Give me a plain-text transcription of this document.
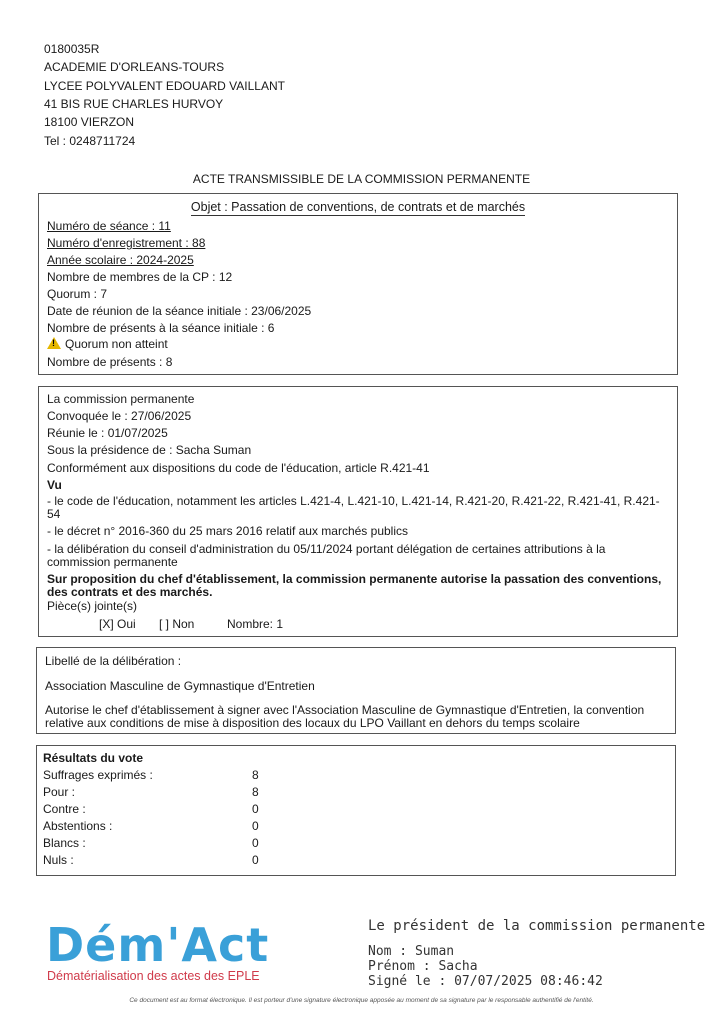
0180035R
ACADEMIE D'ORLEANS-TOURS
LYCEE POLYVALENT EDOUARD VAILLANT
41 BIS RUE CHARLES HURVOY
18100 VIERZON
Tel : 0248711724
ACTE TRANSMISSIBLE DE LA COMMISSION PERMANENTE
Objet : Passation de conventions, de contrats et de marchés
Numéro de séance : 11
Numéro d'enregistrement : 88
Année scolaire : 2024-2025
Nombre de membres de la CP : 12
Quorum : 7
Date de réunion de la séance initiale : 23/06/2025
Nombre de présents à la séance initiale : 6
!Quorum non atteint
Nombre de présents : 8
La commission permanente
Convoquée le : 27/06/2025
Réunie le : 01/07/2025
Sous la présidence de : Sacha Suman
Conformément aux dispositions du code de l'éducation, article R.421-41
Vu
- le code de l'éducation, notamment les articles L.421-4, L.421-10, L.421-14, R.421-20, R.421-22, R.421-41, R.421-54
- le décret n° 2016-360 du 25 mars 2016 relatif aux marchés publics
- la délibération du conseil d'administration du 05/11/2024 portant délégation de certaines attributions à la commission permanente
Sur proposition du chef d'établissement, la commission permanente autorise la passation des conventions, des contrats et des marchés.
Pièce(s) jointe(s)
[X] Oui [ ] Non	Nombre: 1
Libellé de la délibération :
Association Masculine de Gymnastique d'Entretien
Autorise le chef d'établissement à signer avec l'Association Masculine de Gymnastique d'Entretien, la convention relative aux conditions de mise à disposition des locaux du LPO Vaillant en dehors du temps scolaire
Résultats du vote
Suffrages exprimés :	8
Pour :	8
Contre :	0
Abstentions :	0
Blancs :	0
Nuls :	0
Dém'Act
Dématérialisation des actes des EPLE
Le président de la commission permanente
Nom : Suman
Prénom : Sacha
Signé le : 07/07/2025 08:46:42
Ce document est au format électronique. Il est porteur d'une signature électronique apposée au moment de sa signature par le responsable authentifié de l'entité.
